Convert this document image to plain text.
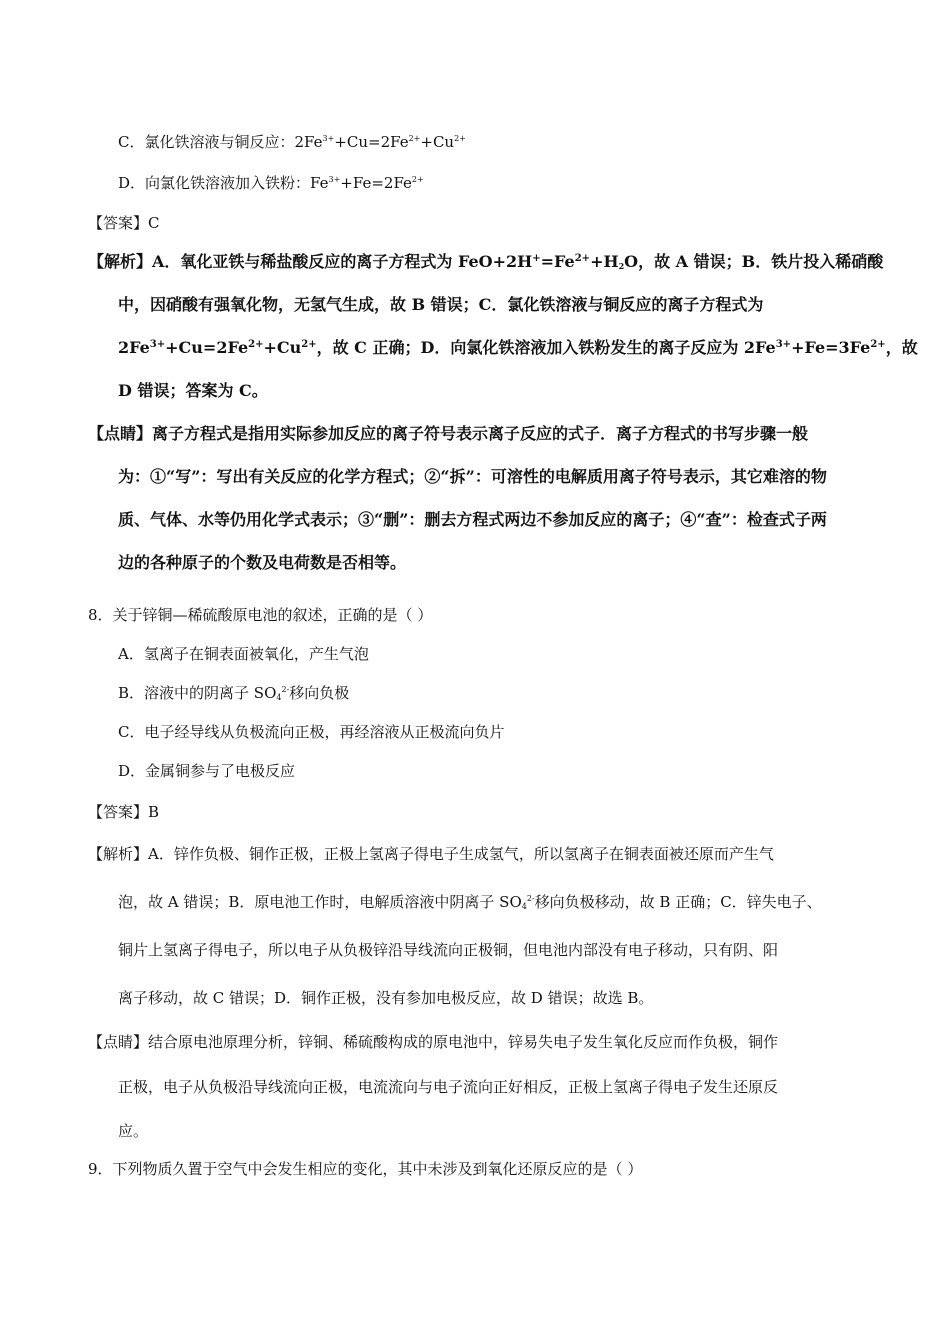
C．氯化铁溶液与铜反应：$2Fe^{3+}+Cu=2Fe^{2+}+Cu^{2+}$
D．向氯化铁溶液加入铁粉：$Fe^{3+}+Fe=2Fe^{2+}$
【答案】C
【解析】A．氧化亚铁与稀盐酸反应的离子方程式为 $FeO+2H^+=Fe^{2+}+H_2O$，故 A 错误；B．铁片投入稀硝酸
中，因硝酸有强氧化物，无氢气生成，故 B 错误；C．氯化铁溶液与铜反应的离子方程式为
$2Fe^{3+}+Cu=2Fe^{2+}+Cu^{2+}$，故 C 正确；D．向氯化铁溶液加入铁粉发生的离子反应为 $2Fe^{3+}+Fe=3Fe^{2+}$，故
D 错误；答案为 C。
【点睛】离子方程式是指用实际参加反应的离子符号表示离子反应的式子．离子方程式的书写步骤一般
为：①“写”：写出有关反应的化学方程式；②“拆”：可溶性的电解质用离子符号表示，其它难溶的物
质、气体、水等仍用化学式表示；③“删”：删去方程式两边不参加反应的离子；④“查”：检查式子两
边的各种原子的个数及电荷数是否相等。
8．关于锌铜—稀硫酸原电池的叙述，正确的是（ ）
A．氢离子在铜表面被氧化，产生气泡
B．溶液中的阴离子 $SO_4^{2-}$移向负极
C．电子经导线从负极流向正极，再经溶液从正极流向负片
D．金属铜参与了电极反应
【答案】B
【解析】A．锌作负极、铜作正极，正极上氢离子得电子生成氢气，所以氢离子在铜表面被还原而产生气
泡，故 A 错误；B．原电池工作时，电解质溶液中阴离子 $SO_4^{2-}$移向负极移动，故 B 正确；C．锌失电子、
铜片上氢离子得电子，所以电子从负极锌沿导线流向正极铜，但电池内部没有电子移动，只有阴、阳
离子移动，故 C 错误；D．铜作正极，没有参加电极反应，故 D 错误；故选 B。
【点睛】结合原电池原理分析，锌铜、稀硫酸构成的原电池中，锌易失电子发生氧化反应而作负极，铜作
正极，电子从负极沿导线流向正极，电流流向与电子流向正好相反，正极上氢离子得电子发生还原反
应。
9．下列物质久置于空气中会发生相应的变化，其中未涉及到氧化还原反应的是（ ）
